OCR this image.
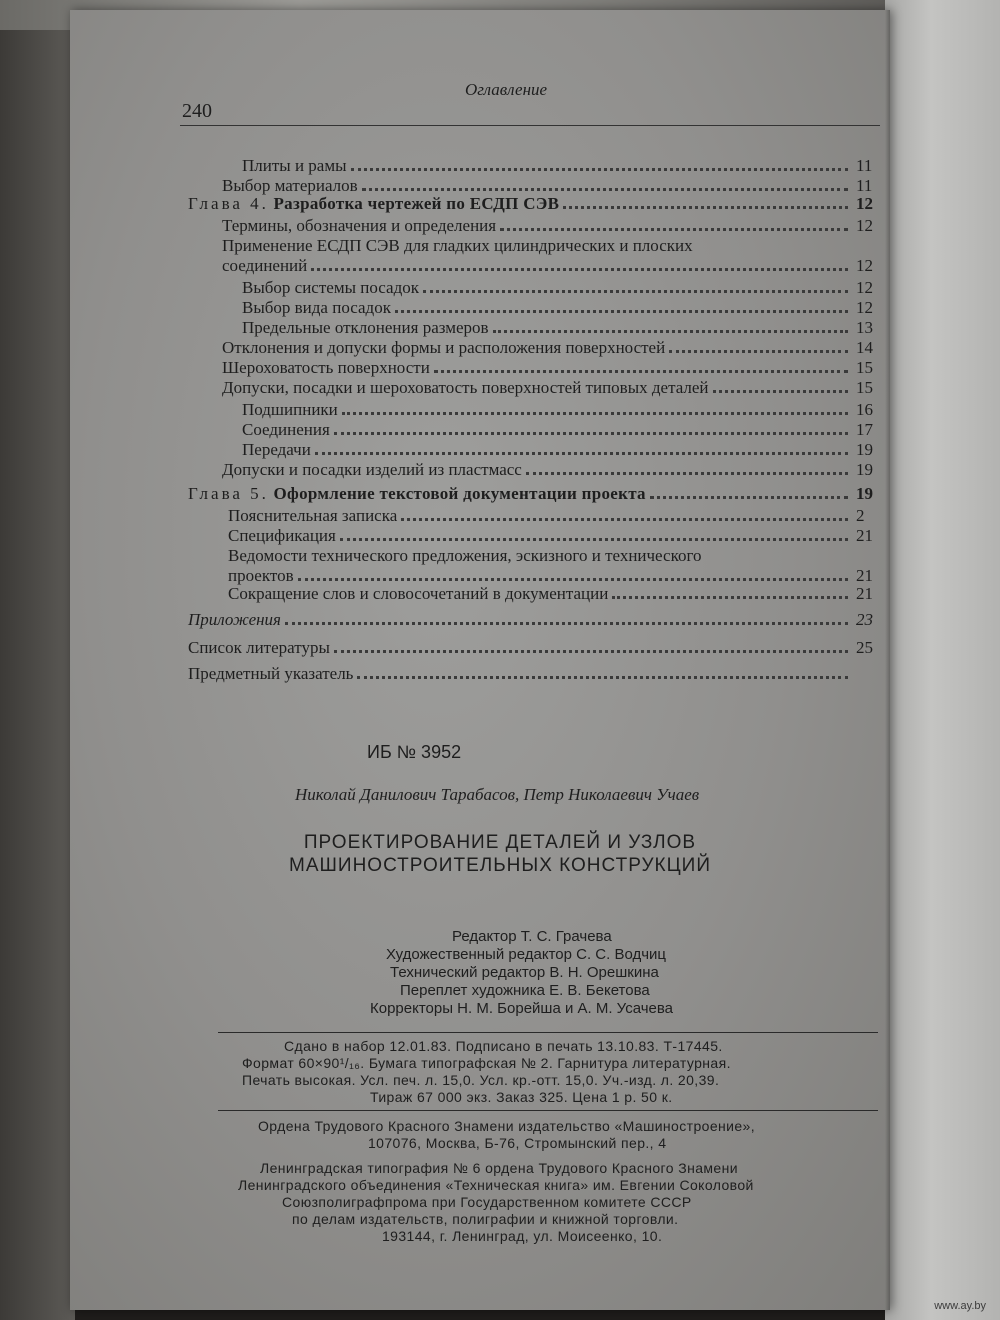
240
Оглавление
Плиты и рамы	11
Выбор материалов	11
Глава 4. Разработка чертежей по ЕСДП СЭВ	12
Термины, обозначения и определения	12
Применение ЕСДП СЭВ для гладких цилиндрических и плоских
соединений	12
Выбор системы посадок	12
Выбор вида посадок	12
Предельные отклонения размеров	13
Отклонения и допуски формы и расположения поверхностей	14
Шероховатость поверхности	15
Допуски, посадки и шероховатость поверхностей типовых деталей	15
Подшипники	16
Соединения	17
Передачи	19
Допуски и посадки изделий из пластмасс	19
Глава 5. Оформление текстовой документации проекта	19
Пояснительная записка	2
Спецификация	21
Ведомости технического предложения, эскизного и технического
проектов	21
Сокращение слов и словосочетаний в документации	21
Приложения	23
Список литературы	25
Предметный указатель
ИБ № 3952
Николай Данилович Тарабасов, Петр Николаевич Учаев
ПРОЕКТИРОВАНИЕ ДЕТАЛЕЙ И УЗЛОВ
МАШИНОСТРОИТЕЛЬНЫХ КОНСТРУКЦИЙ
Редактор Т. С. Грачева
Художественный редактор С. С. Водчиц
Технический редактор В. Н. Орешкина
Переплет художника Е. В. Бекетова
Корректоры Н. М. Борейша и А. М. Усачева
Сдано в набор 12.01.83. Подписано в печать 13.10.83. Т-17445.
Формат 60×90¹/₁₆. Бумага типографская № 2. Гарнитура литературная.
Печать высокая. Усл. печ. л. 15,0. Усл. кр.-отт. 15,0. Уч.-изд. л. 20,39.
Тираж 67 000 экз. Заказ 325. Цена 1 р. 50 к.
Ордена Трудового Красного Знамени издательство «Машиностроение»,
107076, Москва, Б-76, Стромынский пер., 4
Ленинградская типография № 6 ордена Трудового Красного Знамени
Ленинградского объединения «Техническая книга» им. Евгении Соколовой
Союзполиграфпрома при Государственном комитете СССР
по делам издательств, полиграфии и книжной торговли.
193144, г. Ленинград, ул. Моисеенко, 10.
www.ay.by
